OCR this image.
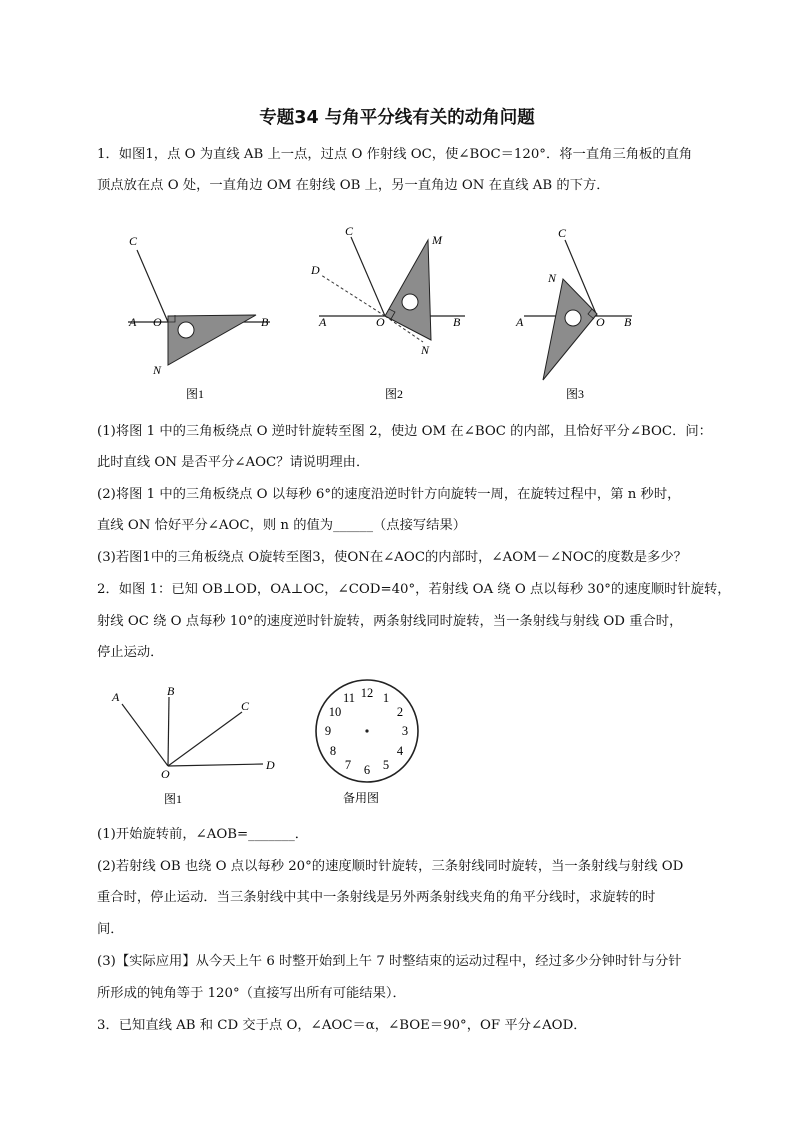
专题34 与角平分线有关的动角问题
1．如图1，点 O 为直线 AB 上一点，过点 O 作射线 OC，使∠BOC＝120°．将一直角三角板的直角
顶点放在点 O 处，一直角边 OM 在射线 OB 上，另一直角边 ON 在直线 AB 的下方．
A O	B
C
N
图1
A	O	B
C
D
M
N
图2
A	O B
C
N
图3
(1)将图 1 中的三角板绕点 O 逆时针旋转至图 2，使边 OM 在∠BOC 的内部，且恰好平分∠BOC．问：
此时直线 ON 是否平分∠AOC？请说明理由．
(2)将图 1 中的三角板绕点 O 以每秒 6°的速度沿逆时针方向旋转一周，在旋转过程中，第 n 秒时，
直线 ON 恰好平分∠AOC，则 n 的值为______（点接写结果）
(3)若图1中的三角板绕点 O旋转至图3，使ON在∠AOC的内部时，∠AOM－∠NOC的度数是多少？
2．如图 1：已知 OB⊥OD，OA⊥OC，∠COD=40°，若射线 OA 绕 O 点以每秒 30°的速度顺时针旋转，
射线 OC 绕 O 点每秒 10°的速度逆时针旋转，两条射线同时旋转，当一条射线与射线 OD 重合时，
停止运动．
A	B
C
O
D
图1
12 1
2
3
4
5
6
7
8
9
10
11
备用图
(1)开始旋转前，∠AOB=_______．
(2)若射线 OB 也绕 O 点以每秒 20°的速度顺时针旋转，三条射线同时旋转，当一条射线与射线 OD
重合时，停止运动．当三条射线中其中一条射线是另外两条射线夹角的角平分线时，求旋转的时
间．
(3)【实际应用】从今天上午 6 时整开始到上午 7 时整结束的运动过程中，经过多少分钟时针与分针
所形成的钝角等于 120°（直接写出所有可能结果）．
3．已知直线 AB 和 CD 交于点 O，∠AOC＝α，∠BOE＝90°，OF 平分∠AOD．
